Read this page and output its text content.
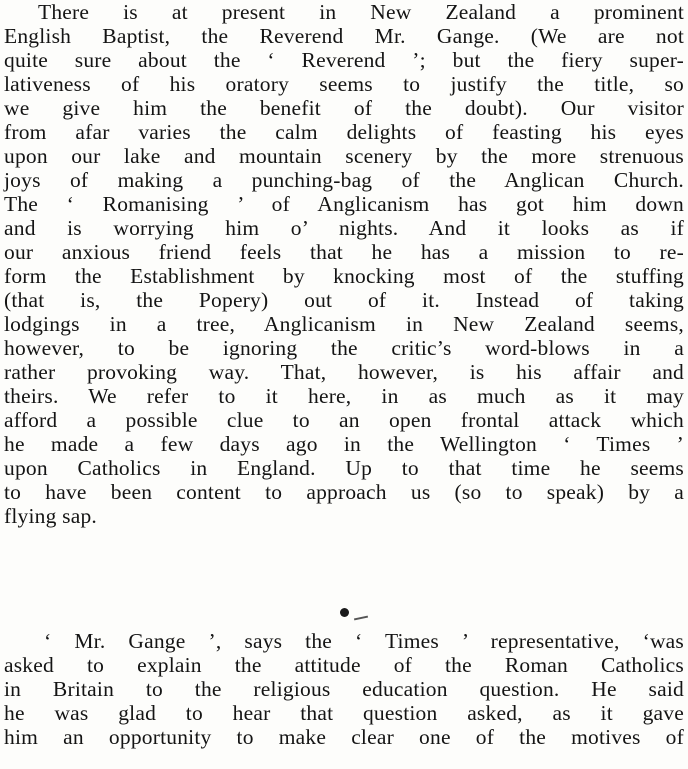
There is at present in New Zealand a prominent
English Baptist, the Reverend Mr. Gange. (We are not
quite sure about the ‘ Reverend ’; but the fiery super-
lativeness of his oratory seems to justify the title, so
we give him the benefit of the doubt). Our visitor
from afar varies the calm delights of feasting his eyes
upon our lake and mountain scenery by the more strenuous
joys of making a punching-bag of the Anglican Church.
The ‘ Romanising ’ of Anglicanism has got him down
and is worrying him o’ nights. And it looks as if
our anxious friend feels that he has a mission to re-
form the Establishment by knocking most of the stuffing
(that is, the Popery) out of it. Instead of taking
lodgings in a tree, Anglicanism in New Zealand seems,
however, to be ignoring the critic’s word-blows in a
rather provoking way. That, however, is his affair and
theirs. We refer to it here, in as much as it may
afford a possible clue to an open frontal attack which
he made a few days ago in the Wellington ‘ Times ’
upon Catholics in England. Up to that time he seems
to have been content to approach us (so to speak) by a
flying sap.
‘ Mr. Gange ’, says the ‘ Times ’ representative, ‘was
asked to explain the attitude of the Roman Catholics
in Britain to the religious education question. He said
he was glad to hear that question asked, as it gave
him an opportunity to make clear one of the motives of
